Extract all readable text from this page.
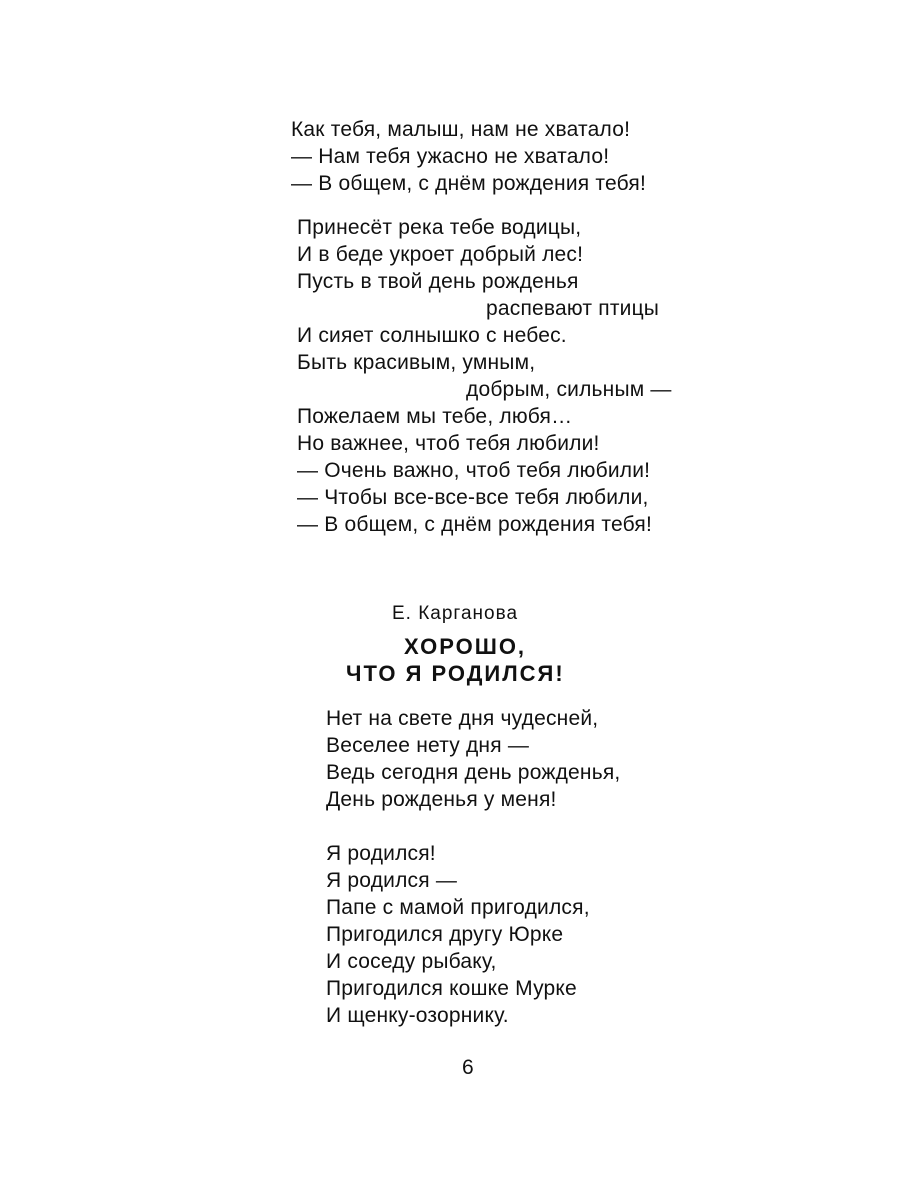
Как тебя, малыш, нам не хватало!
— Нам тебя ужасно не хватало!
— В общем, с днём рождения тебя!
Принесёт река тебе водицы,
И в беде укроет добрый лес!
Пусть в твой день рожденья
распевают птицы
И сияет солнышко с небес.
Быть красивым, умным,
добрым, сильным —
Пожелаем мы тебе, любя…
Но важнее, чтоб тебя любили!
— Очень важно, чтоб тебя любили!
— Чтобы все-все-все тебя любили,
— В общем, с днём рождения тебя!
Е. Карганова
ХОРОШО,
ЧТО Я РОДИЛСЯ!
Нет на свете дня чудесней,
Веселее нету дня —
Ведь сегодня день рожденья,
День рожденья у меня!
Я родился!
Я родился —
Папе с мамой пригодился,
Пригодился другу Юрке
И соседу рыбаку,
Пригодился кошке Мурке
И щенку-озорнику.
6
